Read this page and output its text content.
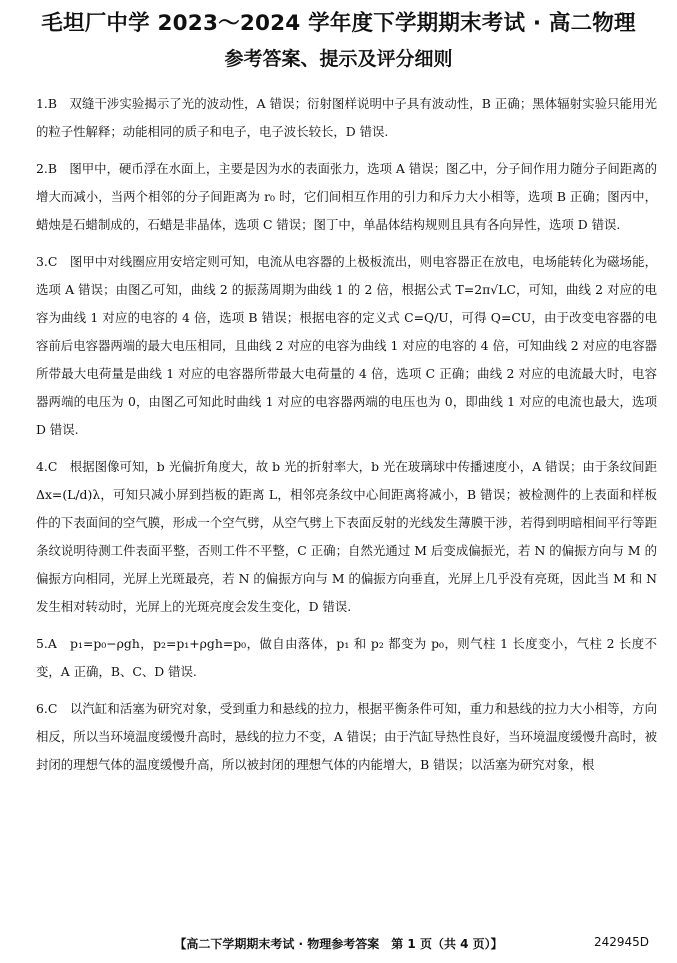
毛坦厂中学 2023～2024 学年度下学期期末考试 · 高二物理
参考答案、提示及评分细则

1.B　双缝干涉实验揭示了光的波动性，A 错误；衍射图样说明中子具有波动性，B 正确；黑体辐射实验只能用光的粒子性解释；动能相同的质子和电子，电子波长较长，D 错误.

2.B　图甲中，硬币浮在水面上，主要是因为水的表面张力，选项 A 错误；图乙中，分子间作用力随分子间距离的增大而减小，当两个相邻的分子间距离为 r₀ 时，它们间相互作用的引力和斥力大小相等，选项 B 正确；图丙中，蜡烛是石蜡制成的，石蜡是非晶体，选项 C 错误；图丁中，单晶体结构规则且具有各向异性，选项 D 错误.

3.C　图甲中对线圈应用安培定则可知，电流从电容器的上极板流出，则电容器正在放电，电场能转化为磁场能，选项 A 错误；由图乙可知，曲线 2 的振荡周期为曲线 1 的 2 倍，根据公式 T=2π√LC，可知，曲线 2 对应的电容为曲线 1 对应的电容的 4 倍，选项 B 错误；根据电容的定义式 C=Q/U，可得 Q=CU，由于改变电容器的电容前后电容器两端的最大电压相同，且曲线 2 对应的电容为曲线 1 对应的电容的 4 倍，可知曲线 2 对应的电容器所带最大电荷量是曲线 1 对应的电容器所带最大电荷量的 4 倍，选项 C 正确；曲线 2 对应的电流最大时，电容器两端的电压为 0，由图乙可知此时曲线 1 对应的电容器两端的电压也为 0，即曲线 1 对应的电流也最大，选项 D 错误.

4.C　根据图像可知，b 光偏折角度大，故 b 光的折射率大，b 光在玻璃球中传播速度小，A 错误；由于条纹间距 Δx=(L/d)λ，可知只减小屏到挡板的距离 L，相邻亮条纹中心间距离将减小，B 错误；被检测件的上表面和样板件的下表面间的空气膜，形成一个空气劈，从空气劈上下表面反射的光线发生薄膜干涉，若得到明暗相间平行等距条纹说明待测工件表面平整，否则工件不平整，C 正确；自然光通过 M 后变成偏振光，若 N 的偏振方向与 M 的偏振方向相同，光屏上光斑最亮，若 N 的偏振方向与 M 的偏振方向垂直，光屏上几乎没有亮斑，因此当 M 和 N 发生相对转动时，光屏上的光斑亮度会发生变化，D 错误.

5.A　p₁=p₀−ρgh，p₂=p₁+ρgh=p₀，做自由落体，p₁ 和 p₂ 都变为 p₀，则气柱 1 长度变小，气柱 2 长度不变，A 正确，B、C、D 错误.

6.C　以汽缸和活塞为研究对象，受到重力和悬线的拉力，根据平衡条件可知，重力和悬线的拉力大小相等，方向相反，所以当环境温度缓慢升高时，悬线的拉力不变，A 错误；由于汽缸导热性良好，当环境温度缓慢升高时，被封闭的理想气体的温度缓慢升高，所以被封闭的理想气体的内能增大，B 错误；以活塞为研究对象，根

【高二下学期期末考试 · 物理参考答案　第 1 页（共 4 页）】	242945D
